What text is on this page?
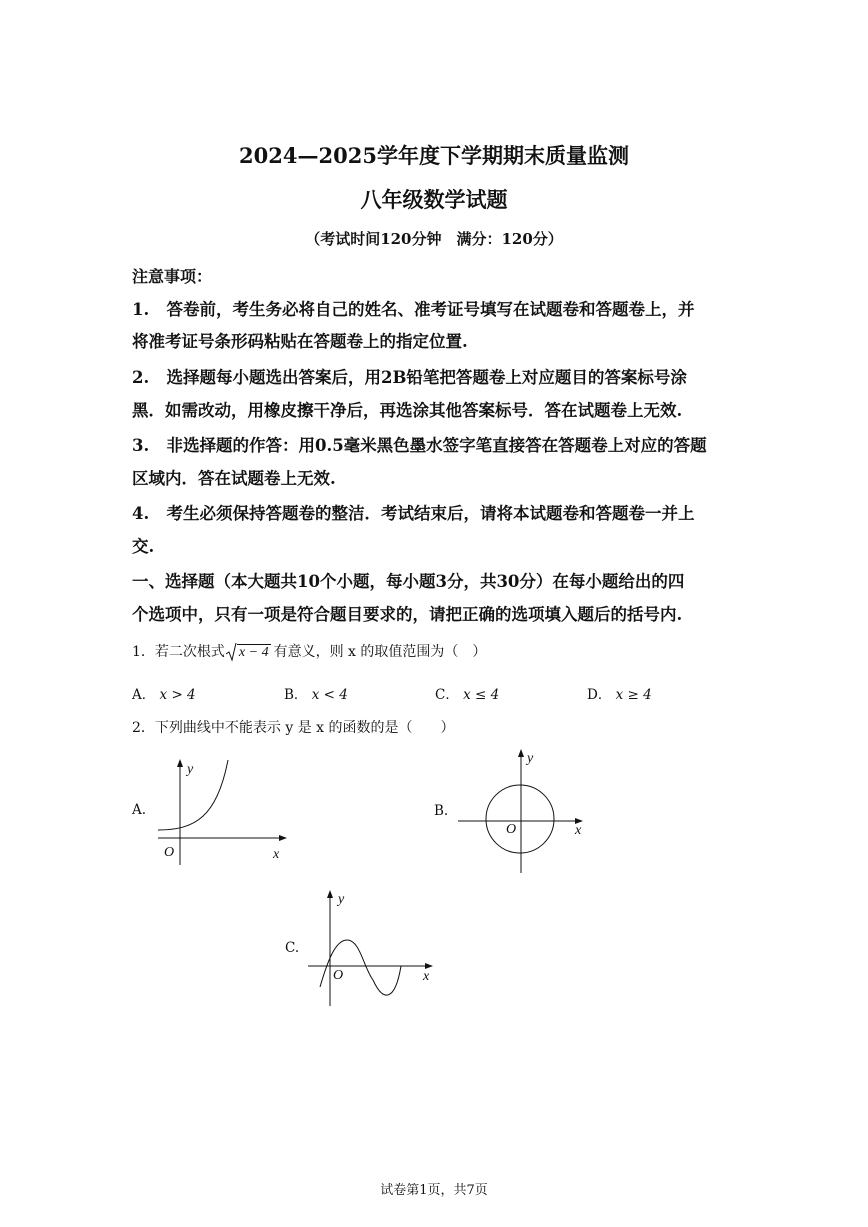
2024—2025学年度下学期期末质量监测
八年级数学试题
（考试时间120分钟　满分：120分）
注意事项：
1. 答卷前，考生务必将自己的姓名、准考证号填写在试题卷和答题卷上，并
将准考证号条形码粘贴在答题卷上的指定位置.
2. 选择题每小题选出答案后，用2B铅笔把答题卷上对应题目的答案标号涂
黑．如需改动，用橡皮擦干净后，再选涂其他答案标号．答在试题卷上无效.
3. 非选择题的作答：用0.5毫米黑色墨水签字笔直接答在答题卷上对应的答题
区域内．答在试题卷上无效.
4. 考生必须保持答题卷的整洁．考试结束后，请将本试题卷和答题卷一并上
交.
一、选择题（本大题共10个小题，每小题3分，共30分）在每小题给出的四
个选项中，只有一项是符合题目要求的，请把正确的选项填入题后的括号内.
1．若二次根式 x − 4 有意义，则 x 的取值范围为（　）
A． x > 4	B． x < 4	C． x ≤ 4	D． x ≥ 4
2．下列曲线中不能表示 y 是 x 的函数的是（　　）
A.
y
x
O
B.
y
x
O
C.
y
x
O
试卷第1页，共7页
